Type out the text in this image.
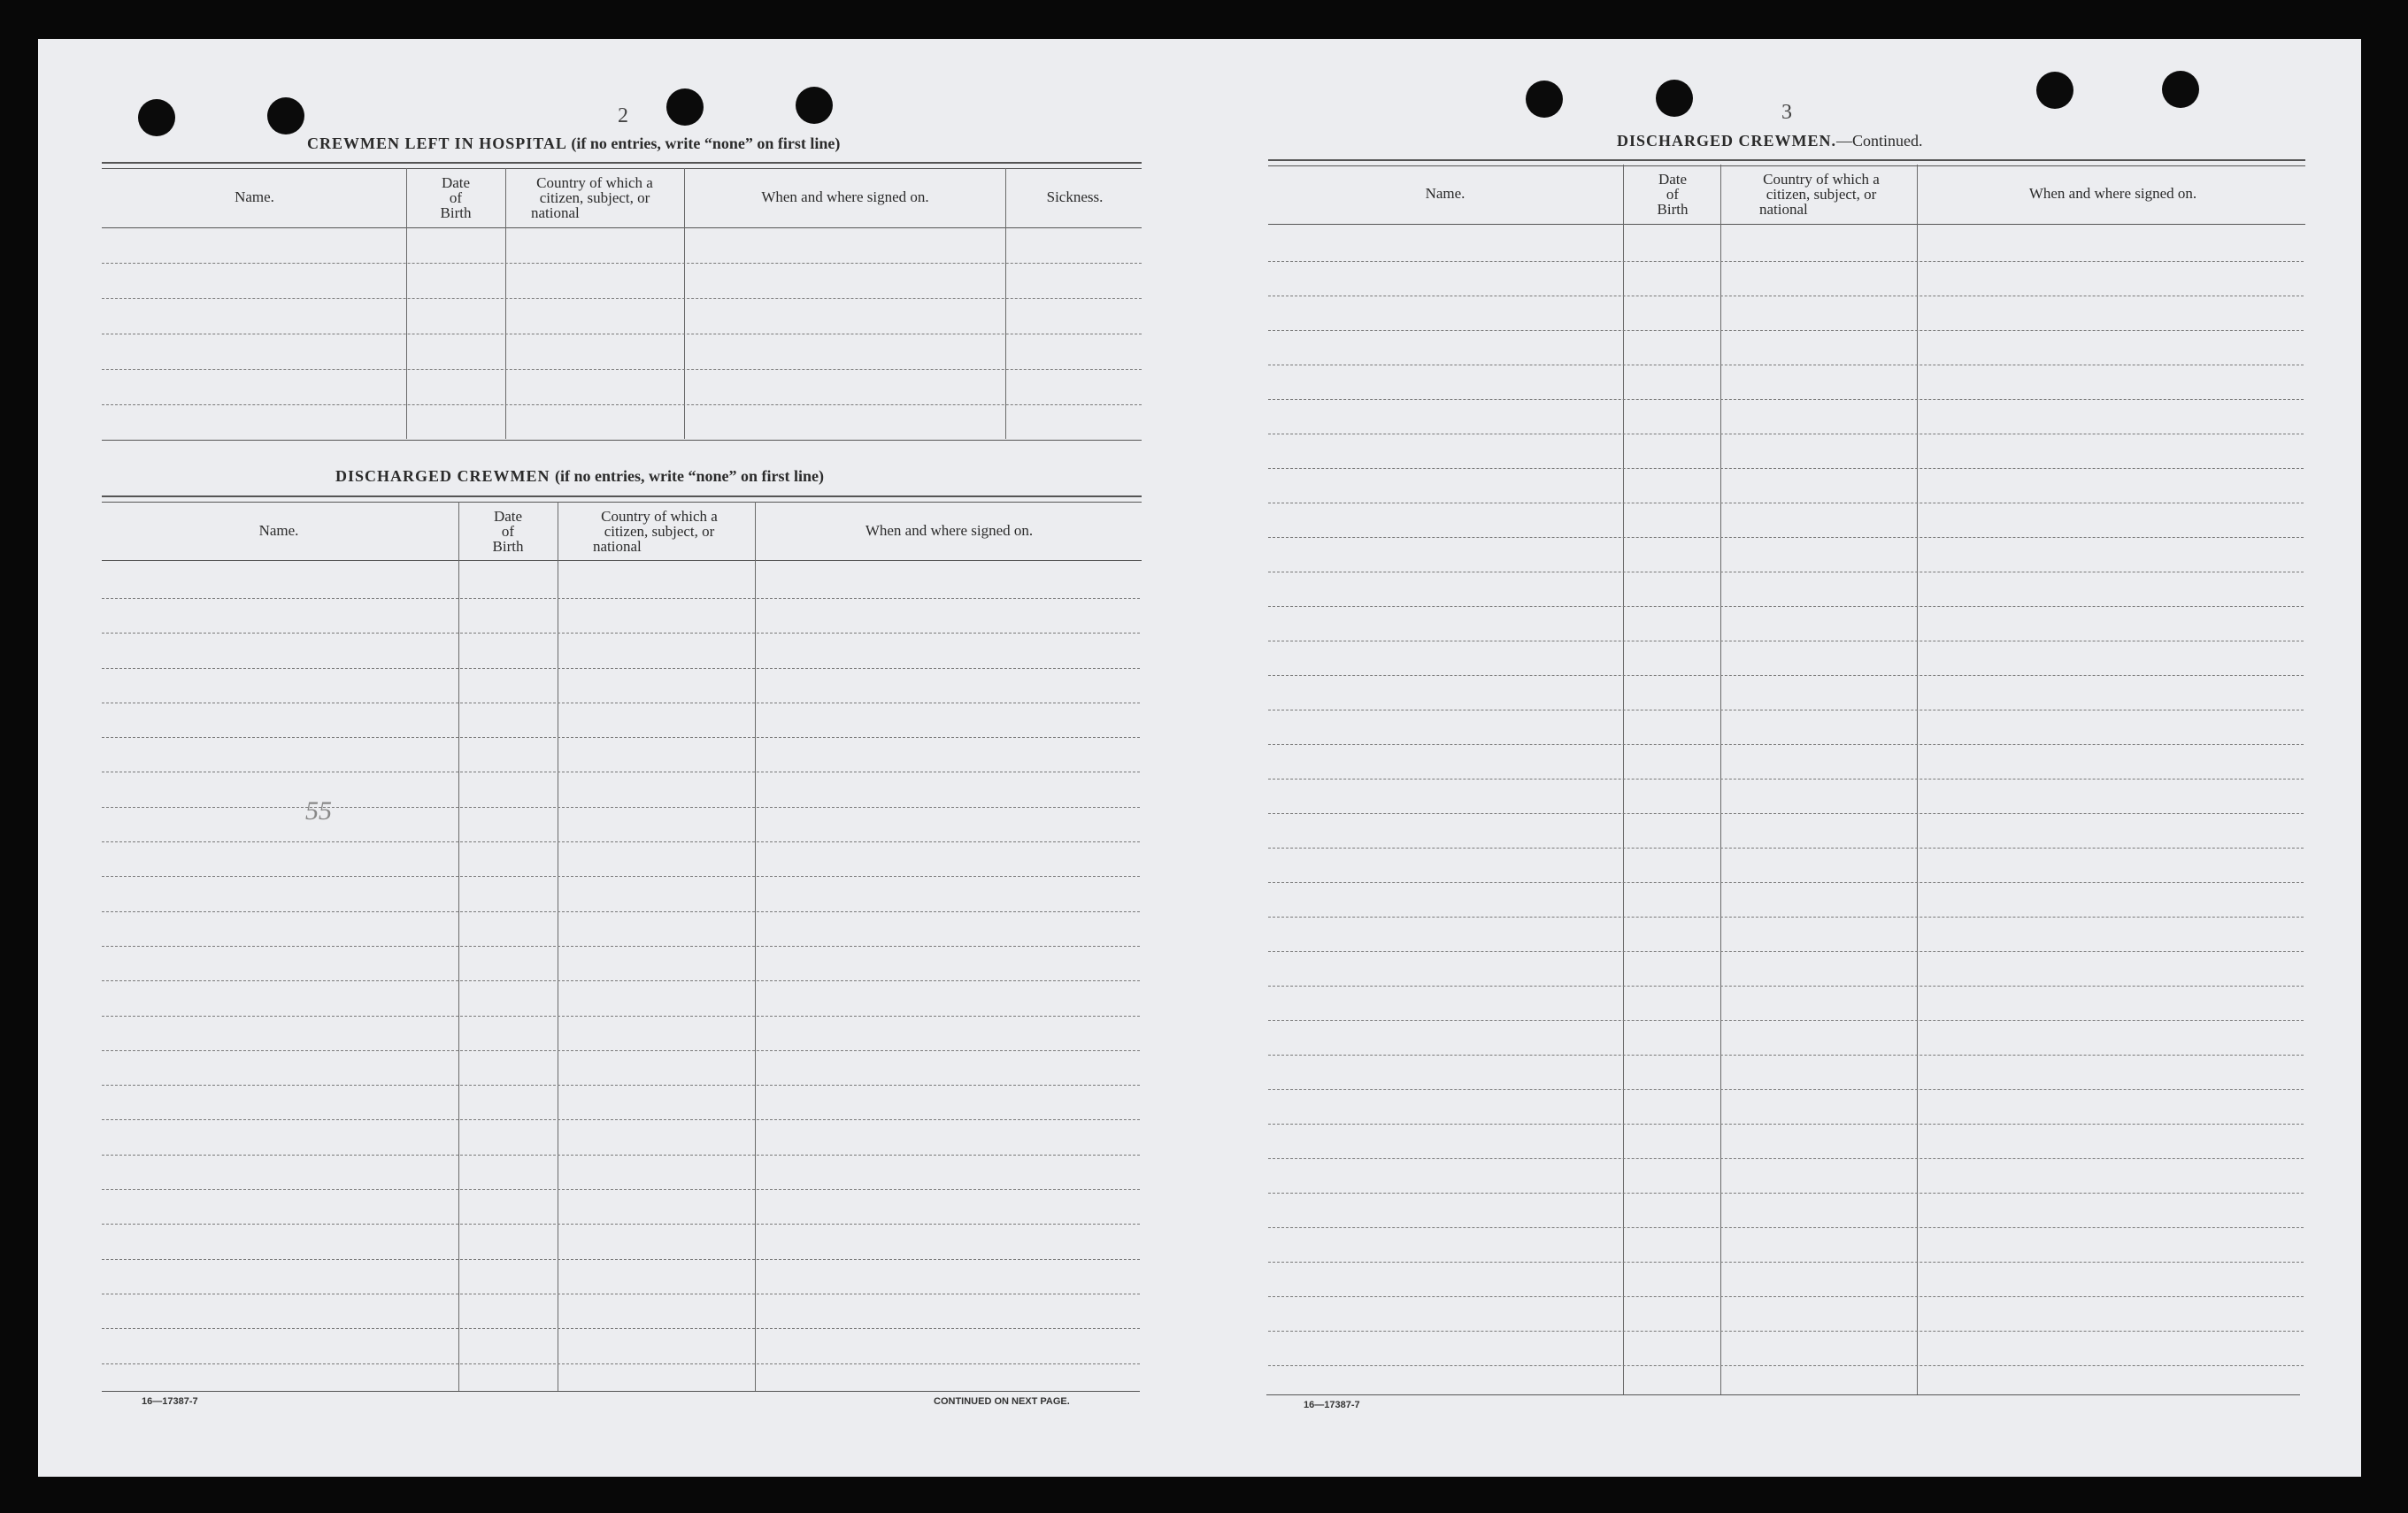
2
CREWMEN LEFT IN HOSPITAL (if no entries, write “none” on first line)
Name.
Date
of
Birth
Country of which a
citizen, subject, or
national
When and where signed on.	Sickness.
DISCHARGED CREWMEN (if no entries, write “none” on first line)
Name.
Date
of
Birth
Country of which a
citizen, subject, or
national
When and where signed on.
55
16—17387-7	CONTINUED ON NEXT PAGE.
3
DISCHARGED CREWMEN.—Continued.
Name.
Date
of
Birth
Country of which a
citizen, subject, or
national
When and where signed on.
16—17387-7
